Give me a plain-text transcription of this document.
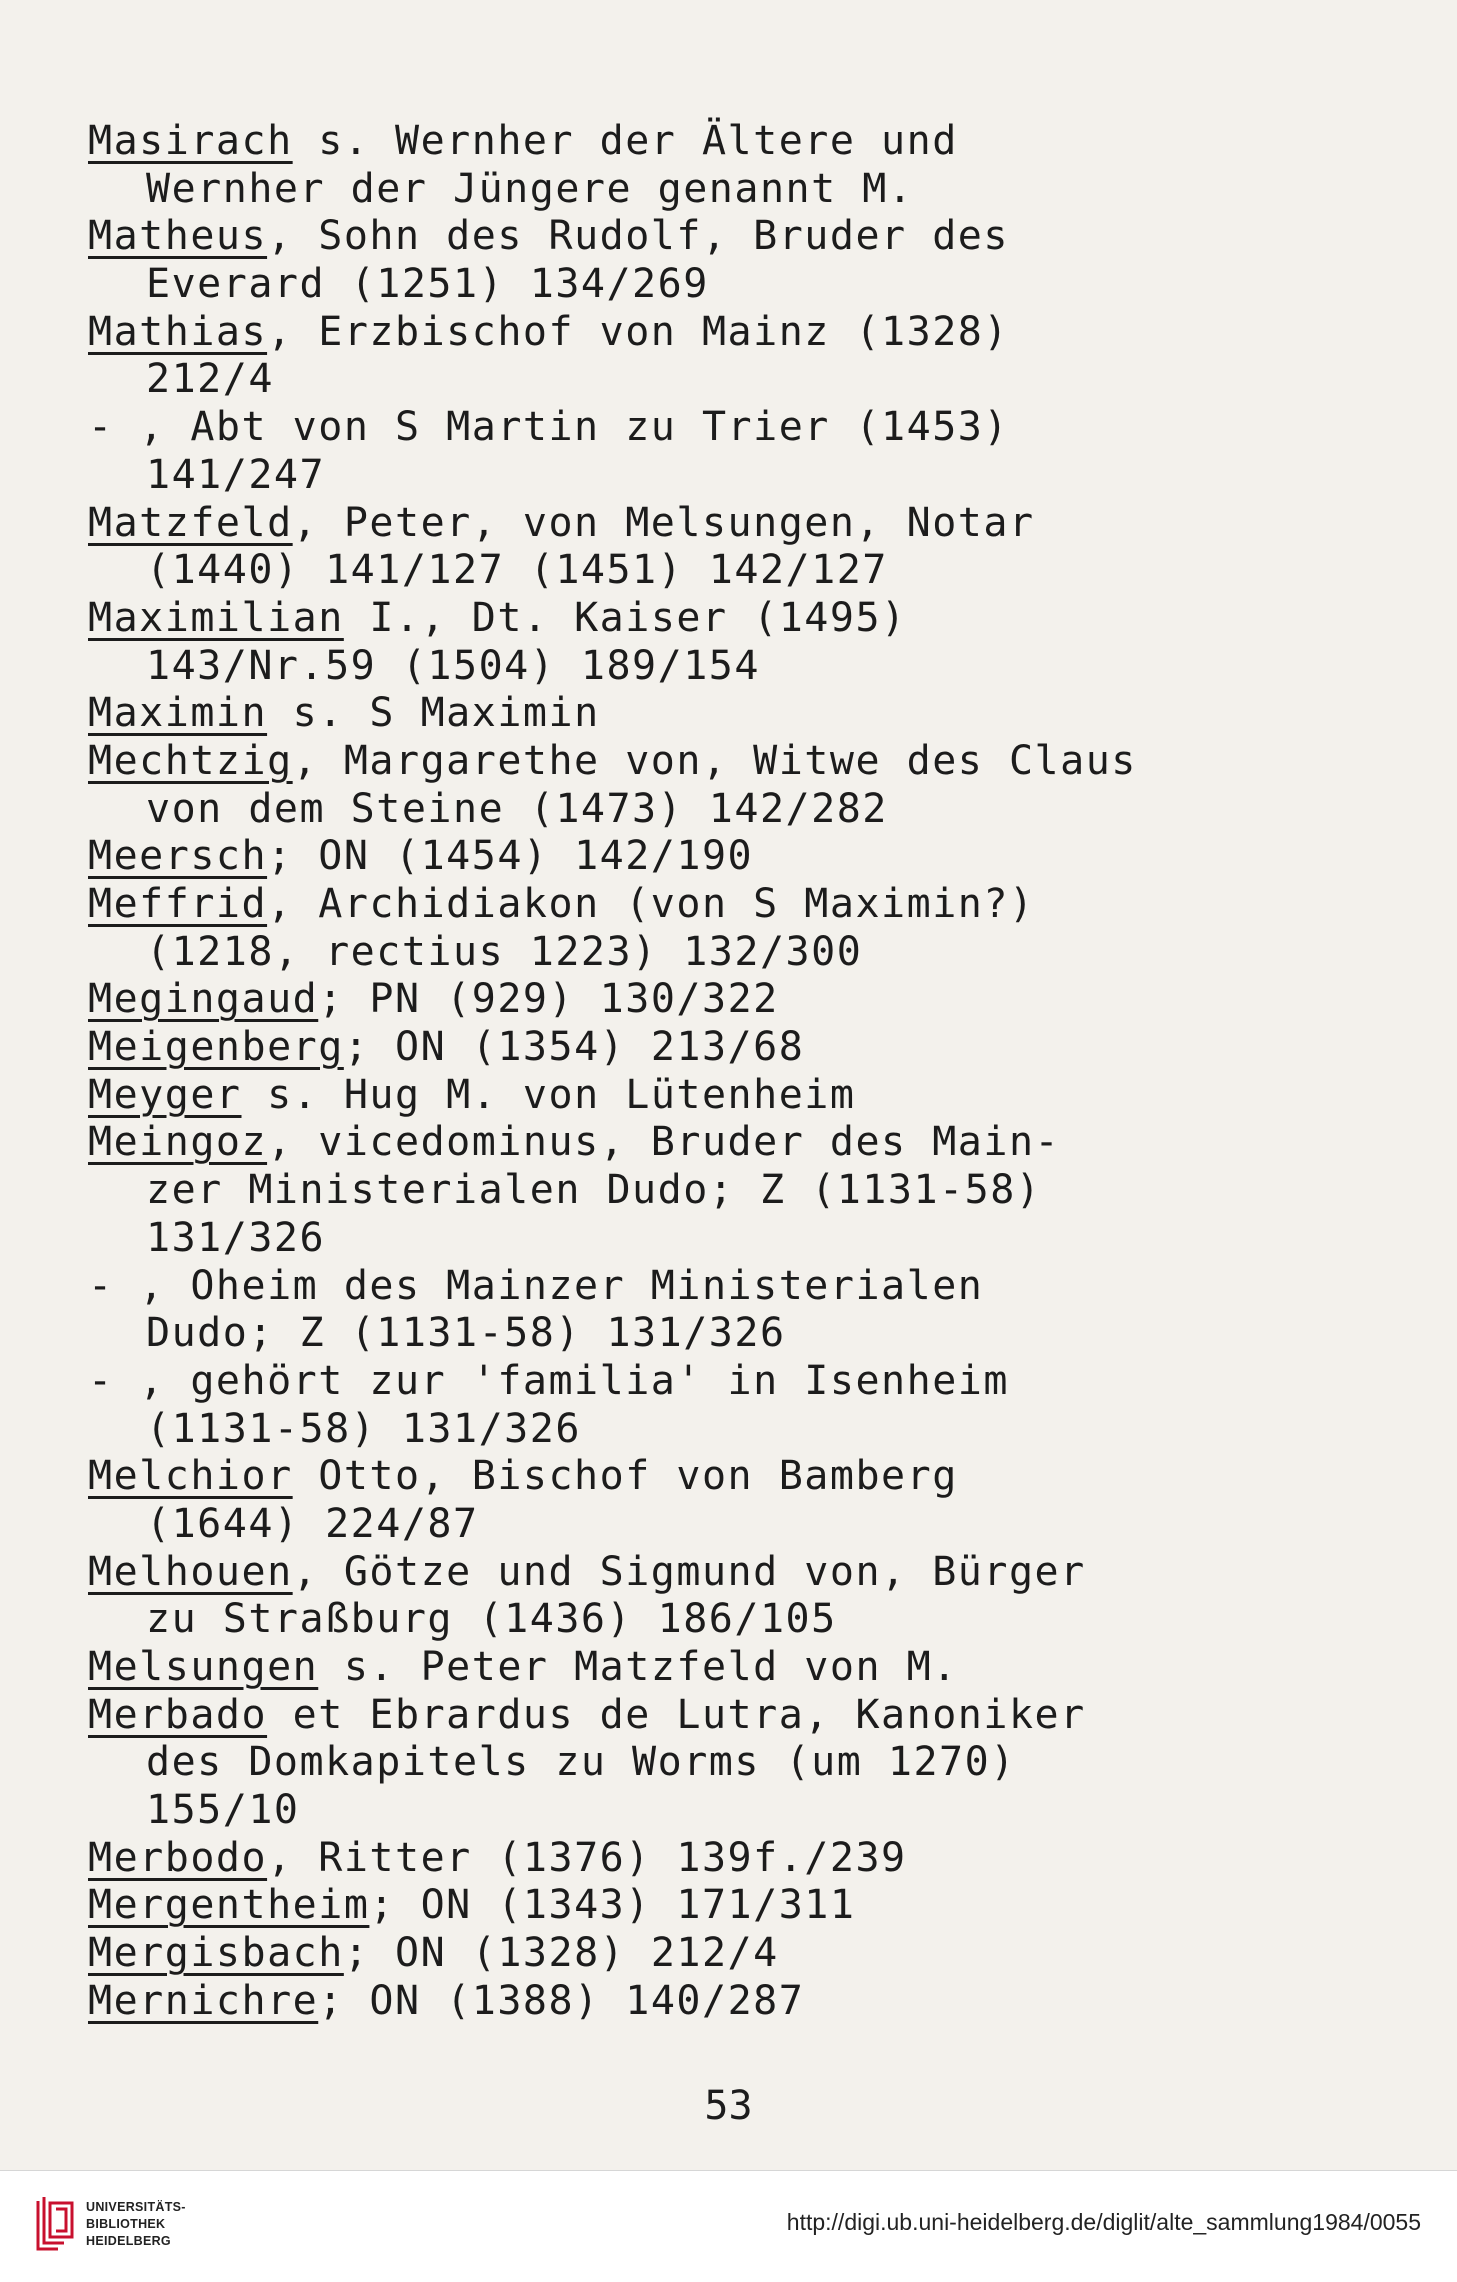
Masirach s. Wernher der Ältere und
Wernher der Jüngere genannt M.
Matheus, Sohn des Rudolf, Bruder des
Everard (1251) 134/269
Mathias, Erzbischof von Mainz (1328)
212/4
- , Abt von S Martin zu Trier (1453)
141/247
Matzfeld, Peter, von Melsungen, Notar
(1440) 141/127 (1451) 142/127
Maximilian I., Dt. Kaiser (1495)
143/Nr.59 (1504) 189/154
Maximin s. S Maximin
Mechtzig, Margarethe von, Witwe des Claus
von dem Steine (1473) 142/282
Meersch; ON (1454) 142/190
Meffrid, Archidiakon (von S Maximin?)
(1218, rectius 1223) 132/300
Megingaud; PN (929) 130/322
Meigenberg; ON (1354) 213/68
Meyger s. Hug M. von Lütenheim
Meingoz, vicedominus, Bruder des Main-
zer Ministerialen Dudo; Z (1131-58)
131/326
- , Oheim des Mainzer Ministerialen
Dudo; Z (1131-58) 131/326
- , gehört zur 'familia' in Isenheim
(1131-58) 131/326
Melchior Otto, Bischof von Bamberg
(1644) 224/87
Melhouen, Götze und Sigmund von, Bürger
zu Straßburg (1436) 186/105
Melsungen s. Peter Matzfeld von M.
Merbado et Ebrardus de Lutra, Kanoniker
des Domkapitels zu Worms (um 1270)
155/10
Merbodo, Ritter (1376) 139f./239
Mergentheim; ON (1343) 171/311
Mergisbach; ON (1328) 212/4
Mernichre; ON (1388) 140/287
53
UNIVERSITÄTS-
BIBLIOTHEK
HEIDELBERG
http://digi.ub.uni-heidelberg.de/diglit/alte_sammlung1984/0055
